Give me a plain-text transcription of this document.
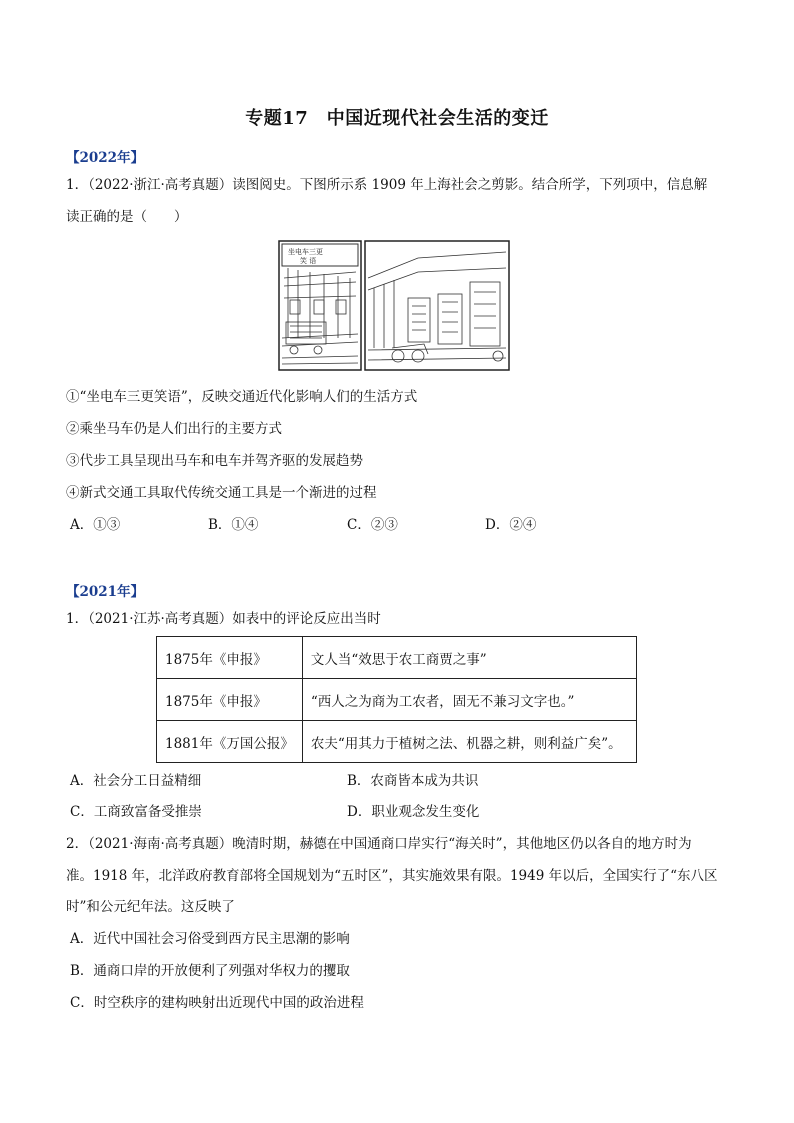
专题17　中国近现代社会生活的变迁
【2022年】
1．（2022·浙江·高考真题）读图阅史。下图所示系 1909 年上海社会之剪影。结合所学，下列项中，信息解
读正确的是（　　）
坐电车三更
笑 语
①“坐电车三更笑语”，反映交通近代化影响人们的生活方式
②乘坐马车仍是人们出行的主要方式
③代步工具呈现出马车和电车并驾齐驱的发展趋势
④新式交通工具取代传统交通工具是一个渐进的过程
A．①③	B．①④	C．②③	D．②④
【2021年】
1．（2021·江苏·高考真题）如表中的评论反应出当时
1875年《申报》	文人当“效思于农工商贾之事”
1875年《申报》	“西人之为商为工农者，固无不兼习文字也。”
1881年《万国公报》	农夫“用其力于植树之法、机器之耕，则利益广矣”。
A．社会分工日益精细	B．农商皆本成为共识
C．工商致富备受推崇	D．职业观念发生变化
2．（2021·海南·高考真题）晚清时期，赫德在中国通商口岸实行“海关时”，其他地区仍以各自的地方时为
准。1918 年，北洋政府教育部将全国规划为“五时区”，其实施效果有限。1949 年以后，全国实行了“东八区
时”和公元纪年法。这反映了
A．近代中国社会习俗受到西方民主思潮的影响
B．通商口岸的开放便利了列强对华权力的攫取
C．时空秩序的建构映射出近现代中国的政治进程
